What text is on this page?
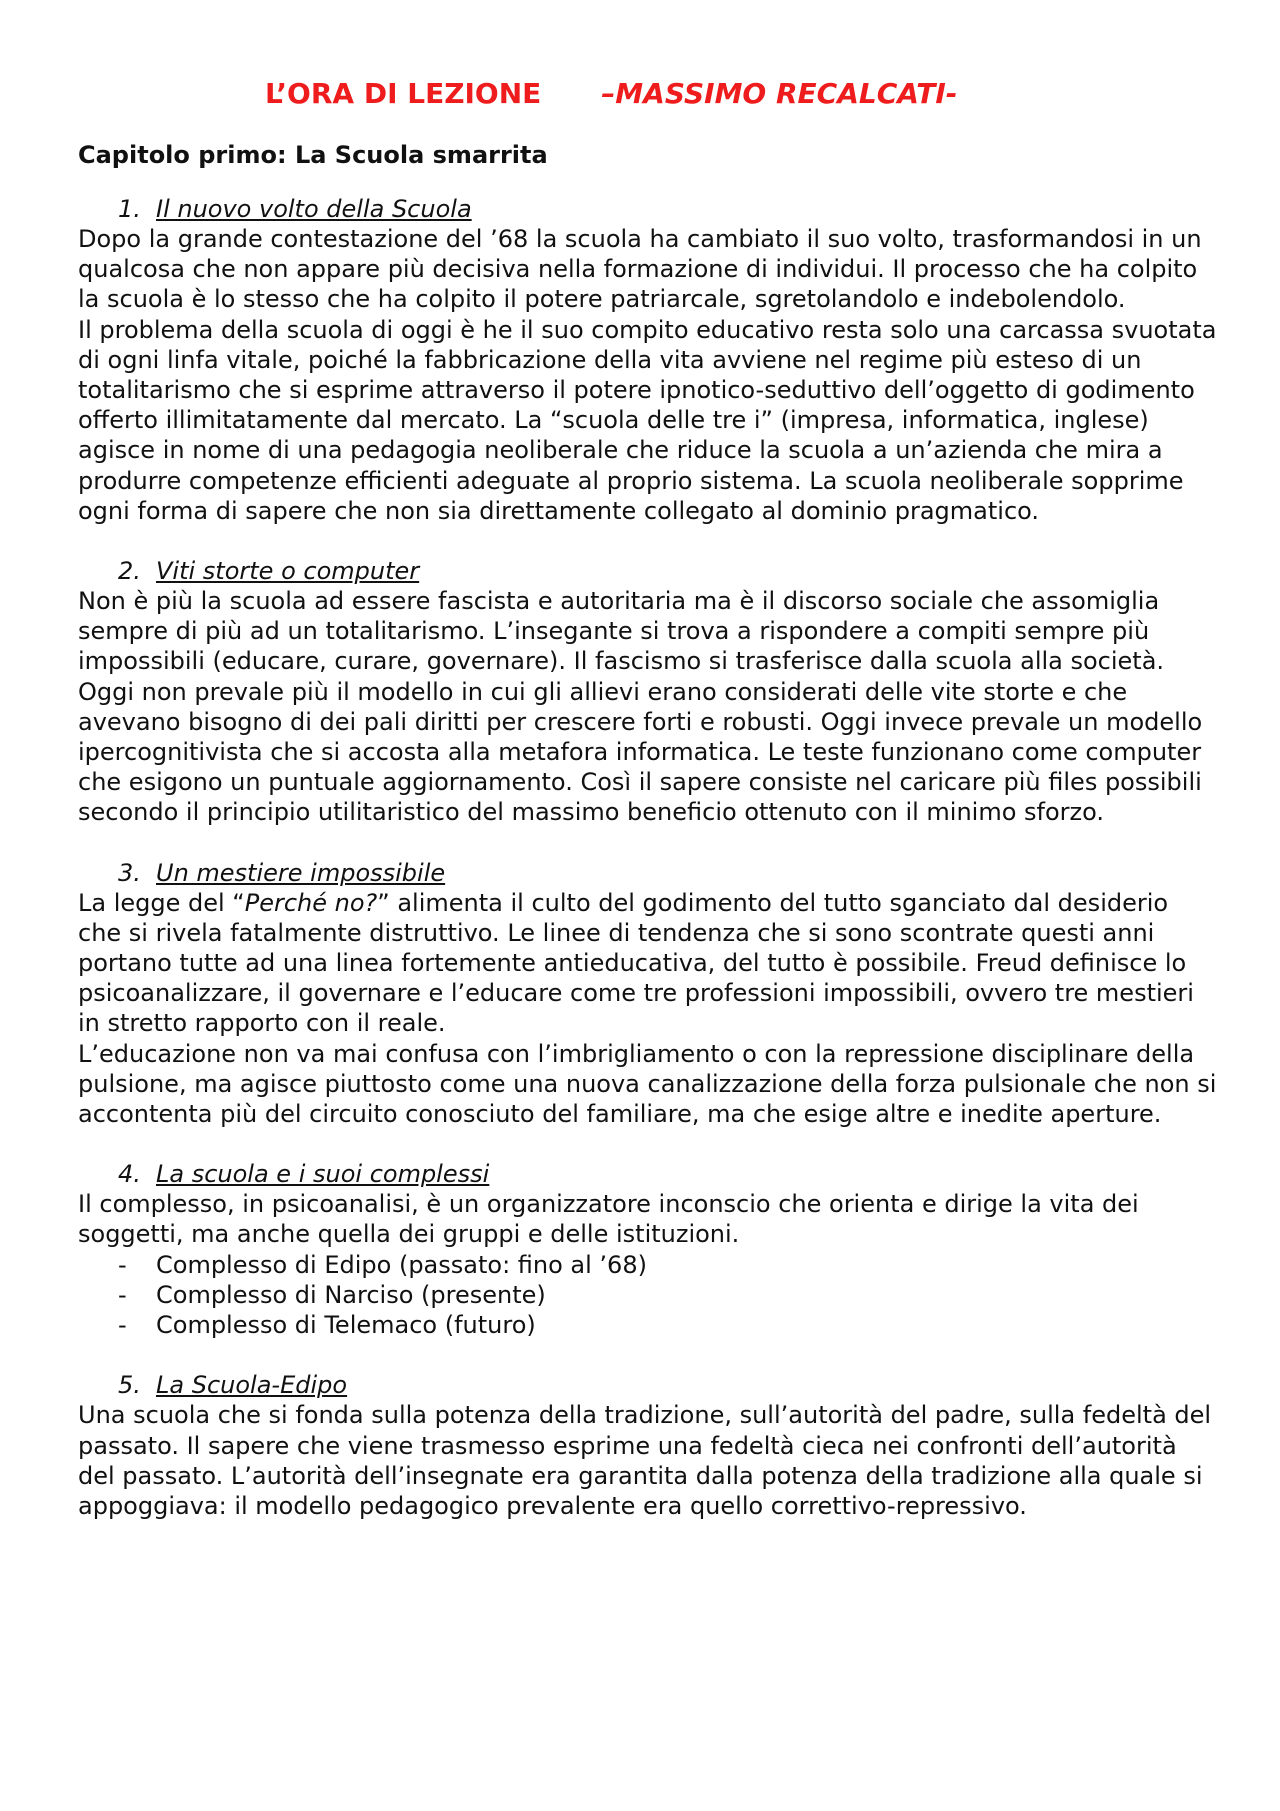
L’ORA DI LEZIONE –MASSIMO RECALCATI-
Capitolo primo: La Scuola smarrita
1. Il nuovo volto della Scuola

Dopo la grande contestazione del ’68 la scuola ha cambiato il suo volto, trasformandosi in un qualcosa che non appare più decisiva nella formazione di individui. Il processo che ha colpito la scuola è lo stesso che ha colpito il potere patriarcale, sgretolandolo e indebolendolo.

Il problema della scuola di oggi è he il suo compito educativo resta solo una carcassa svuotata di ogni linfa vitale, poiché la fabbricazione della vita avviene nel regime più esteso di un totalitarismo che si esprime attraverso il potere ipnotico-seduttivo dell’oggetto di godimento offerto illimitatamente dal mercato. La “scuola delle tre i” (impresa, informatica, inglese) agisce in nome di una pedagogia neoliberale che riduce la scuola a un’azienda che mira a produrre competenze efficienti adeguate al proprio sistema. La scuola neoliberale sopprime ogni forma di sapere che non sia direttamente collegato al dominio pragmatico.

2. Viti storte o computer

Non è più la scuola ad essere fascista e autoritaria ma è il discorso sociale che assomiglia sempre di più ad un totalitarismo. L’insegante si trova a rispondere a compiti sempre più impossibili (educare, curare, governare). Il fascismo si trasferisce dalla scuola alla società. Oggi non prevale più il modello in cui gli allievi erano considerati delle vite storte e che avevano bisogno di dei pali diritti per crescere forti e robusti. Oggi invece prevale un modello ipercognitivista che si accosta alla metafora informatica. Le teste funzionano come computer che esigono un puntuale aggiornamento. Così il sapere consiste nel caricare più files possibili secondo il principio utilitaristico del massimo beneficio ottenuto con il minimo sforzo.

3. Un mestiere impossibile

La legge del “Perché no?” alimenta il culto del godimento del tutto sganciato dal desiderio che si rivela fatalmente distruttivo. Le linee di tendenza che si sono scontrate questi anni portano tutte ad una linea fortemente antieducativa, del tutto è possibile. Freud definisce lo psicoanalizzare, il governare e l’educare come tre professioni impossibili, ovvero tre mestieri in stretto rapporto con il reale.

L’educazione non va mai confusa con l’imbrigliamento o con la repressione disciplinare della pulsione, ma agisce piuttosto come una nuova canalizzazione della forza pulsionale che non si accontenta più del circuito conosciuto del familiare, ma che esige altre e inedite aperture.

4. La scuola e i suoi complessi

Il complesso, in psicoanalisi, è un organizzatore inconscio che orienta e dirige la vita dei soggetti, ma anche quella dei gruppi e delle istituzioni.

- Complesso di Edipo (passato: fino al ’68)
- Complesso di Narciso (presente)
- Complesso di Telemaco (futuro)
5. La Scuola-Edipo

Una scuola che si fonda sulla potenza della tradizione, sull’autorità del padre, sulla fedeltà del passato. Il sapere che viene trasmesso esprime una fedeltà cieca nei confronti dell’autorità del passato. L’autorità dell’insegnate era garantita dalla potenza della tradizione alla quale si appoggiava: il modello pedagogico prevalente era quello correttivo-repressivo.
